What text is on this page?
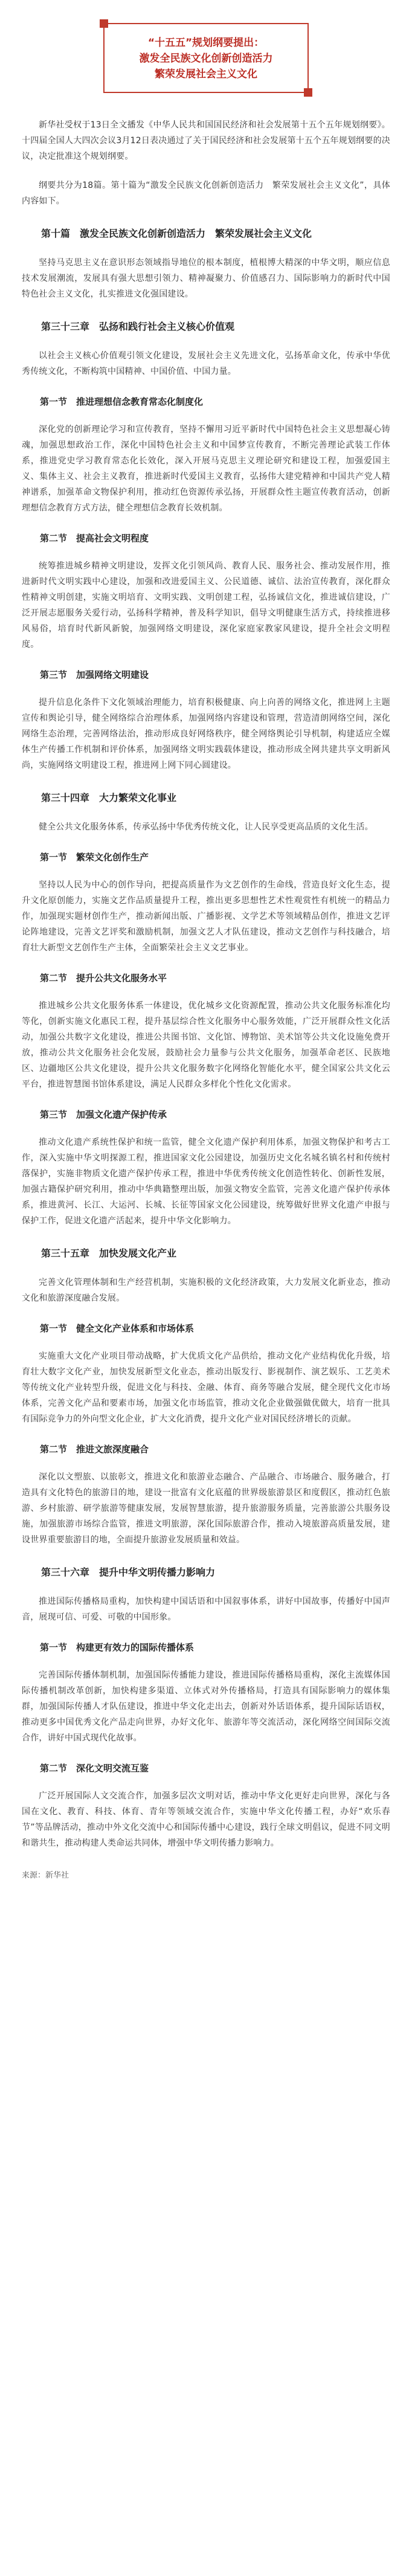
“十五五”规划纲要提出：
激发全民族文化创新创造活力
繁荣发展社会主义文化

新华社受权于13日全文播发《中华人民共和国国民经济和社会发展第十五个五年规划纲要》。十四届全国人大四次会议3月12日表决通过了关于国民经济和社会发展第十五个五年规划纲要的决议，决定批准这个规划纲要。

纲要共分为18篇。第十篇为“激发全民族文化创新创造活力　繁荣发展社会主义文化”，具体内容如下。

第十篇　激发全民族文化创新创造活力　繁荣发展社会主义文化

坚持马克思主义在意识形态领域指导地位的根本制度，植根博大精深的中华文明，顺应信息技术发展潮流，发展具有强大思想引领力、精神凝聚力、价值感召力、国际影响力的新时代中国特色社会主义文化，扎实推进文化强国建设。

第三十三章　弘扬和践行社会主义核心价值观

以社会主义核心价值观引领文化建设，发展社会主义先进文化，弘扬革命文化，传承中华优秀传统文化，不断构筑中国精神、中国价值、中国力量。

第一节　推进理想信念教育常态化制度化

深化党的创新理论学习和宣传教育，坚持不懈用习近平新时代中国特色社会主义思想凝心铸魂，加强思想政治工作，深化中国特色社会主义和中国梦宣传教育，不断完善理论武装工作体系，推进党史学习教育常态化长效化，深入开展马克思主义理论研究和建设工程，加强爱国主义、集体主义、社会主义教育，推进新时代爱国主义教育，弘扬伟大建党精神和中国共产党人精神谱系，加强革命文物保护利用，推动红色资源传承弘扬，开展群众性主题宣传教育活动，创新理想信念教育方式方法，健全理想信念教育长效机制。

第二节　提高社会文明程度

统筹推进城乡精神文明建设，发挥文化引领风尚、教育人民、服务社会、推动发展作用，推进新时代文明实践中心建设，加强和改进爱国主义、公民道德、诚信、法治宣传教育，深化群众性精神文明创建，实施文明培育、文明实践、文明创建工程，弘扬诚信文化，推进诚信建设，广泛开展志愿服务关爱行动，弘扬科学精神，普及科学知识，倡导文明健康生活方式，持续推进移风易俗，培育时代新风新貌，加强网络文明建设，深化家庭家教家风建设，提升全社会文明程度。

第三节　加强网络文明建设

提升信息化条件下文化领域治理能力，培育积极健康、向上向善的网络文化，推进网上主题宣传和舆论引导，健全网络综合治理体系，加强网络内容建设和管理，营造清朗网络空间，深化网络生态治理，完善网络法治，推动形成良好网络秩序，健全网络舆论引导机制，构建适应全媒体生产传播工作机制和评价体系，加强网络文明实践载体建设，推动形成全网共建共享文明新风尚，实施网络文明建设工程，推进网上网下同心圆建设。

第三十四章　大力繁荣文化事业

健全公共文化服务体系，传承弘扬中华优秀传统文化，让人民享受更高品质的文化生活。

第一节　繁荣文化创作生产

坚持以人民为中心的创作导向，把提高质量作为文艺创作的生命线，营造良好文化生态，提升文化原创能力，实施文艺作品质量提升工程，推出更多思想性艺术性观赏性有机统一的精品力作，加强现实题材创作生产，推动新闻出版、广播影视、文学艺术等领域精品创作，推进文艺评论阵地建设，完善文艺评奖和激励机制，加强文艺人才队伍建设，推动文艺创作与科技融合，培育壮大新型文艺创作生产主体，全面繁荣社会主义文艺事业。

第二节　提升公共文化服务水平

推进城乡公共文化服务体系一体建设，优化城乡文化资源配置，推动公共文化服务标准化均等化，创新实施文化惠民工程，提升基层综合性文化服务中心服务效能，广泛开展群众性文化活动，加强公共数字文化建设，推进公共图书馆、文化馆、博物馆、美术馆等公共文化设施免费开放，推动公共文化服务社会化发展，鼓励社会力量参与公共文化服务，加强革命老区、民族地区、边疆地区公共文化建设，提升公共文化服务数字化网络化智能化水平，健全国家公共文化云平台，推进智慧图书馆体系建设，满足人民群众多样化个性化文化需求。

第三节　加强文化遗产保护传承

推动文化遗产系统性保护和统一监管，健全文化遗产保护利用体系，加强文物保护和考古工作，深入实施中华文明探源工程，推进国家文化公园建设，加强历史文化名城名镇名村和传统村落保护，实施非物质文化遗产保护传承工程，推进中华优秀传统文化创造性转化、创新性发展，加强古籍保护研究利用，推动中华典籍整理出版，加强文物安全监管，完善文化遗产保护传承体系，推进黄河、长江、大运河、长城、长征等国家文化公园建设，统筹做好世界文化遗产申报与保护工作，促进文化遗产活起来，提升中华文化影响力。

第三十五章　加快发展文化产业

完善文化管理体制和生产经营机制，实施积极的文化经济政策，大力发展文化新业态，推动文化和旅游深度融合发展。

第一节　健全文化产业体系和市场体系

实施重大文化产业项目带动战略，扩大优质文化产品供给，推动文化产业结构优化升级，培育壮大数字文化产业，加快发展新型文化业态，推动出版发行、影视制作、演艺娱乐、工艺美术等传统文化产业转型升级，促进文化与科技、金融、体育、商务等融合发展，健全现代文化市场体系，完善文化产品和要素市场，加强文化市场监管，推动文化企业做强做优做大，培育一批具有国际竞争力的外向型文化企业，扩大文化消费，提升文化产业对国民经济增长的贡献。

第二节　推进文旅深度融合

深化以文塑旅、以旅彰文，推进文化和旅游业态融合、产品融合、市场融合、服务融合，打造具有文化特色的旅游目的地，建设一批富有文化底蕴的世界级旅游景区和度假区，推动红色旅游、乡村旅游、研学旅游等健康发展，发展智慧旅游，提升旅游服务质量，完善旅游公共服务设施，加强旅游市场综合监管，推进文明旅游，深化国际旅游合作，推动入境旅游高质量发展，建设世界重要旅游目的地，全面提升旅游业发展质量和效益。

第三十六章　提升中华文明传播力影响力

推进国际传播格局重构，加快构建中国话语和中国叙事体系，讲好中国故事，传播好中国声音，展现可信、可爱、可敬的中国形象。

第一节　构建更有效力的国际传播体系

完善国际传播体制机制，加强国际传播能力建设，推进国际传播格局重构，深化主流媒体国际传播机制改革创新，加快构建多渠道、立体式对外传播格局，打造具有国际影响力的媒体集群，加强国际传播人才队伍建设，推进中华文化走出去，创新对外话语体系，提升国际话语权，推动更多中国优秀文化产品走向世界，办好文化年、旅游年等交流活动，深化网络空间国际交流合作，讲好中国式现代化故事。

第二节　深化文明交流互鉴

广泛开展国际人文交流合作，加强多层次文明对话，推动中华文化更好走向世界，深化与各国在文化、教育、科技、体育、青年等领域交流合作，实施中华文化传播工程，办好“欢乐春节”等品牌活动，推动中外文化交流中心和国际传播中心建设，践行全球文明倡议，促进不同文明和谐共生，推动构建人类命运共同体，增强中华文明传播力影响力。

来源：新华社
